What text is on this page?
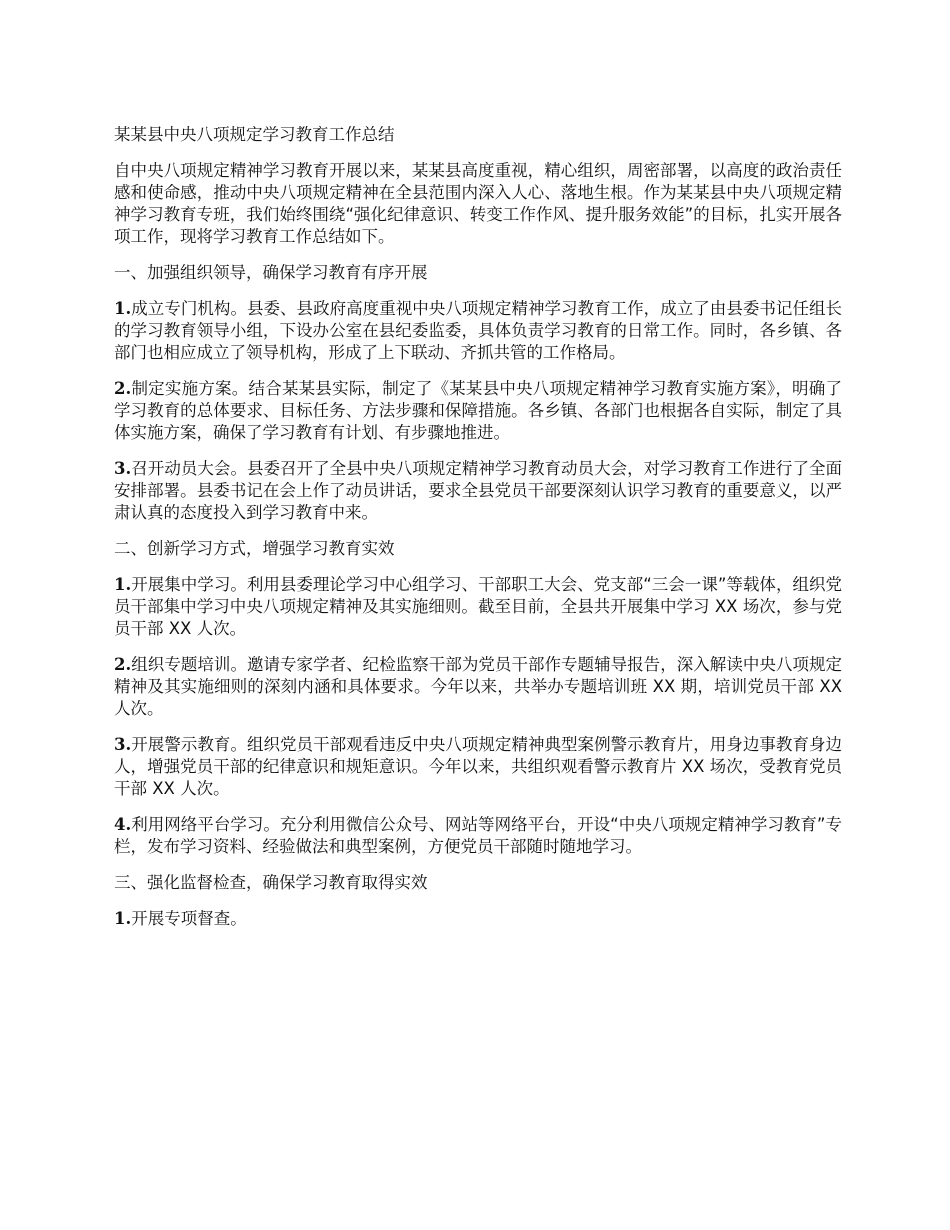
某某县中央八项规定学习教育工作总结

自中央八项规定精神学习教育开展以来，某某县高度重视，精心组织，周密部署，以高度的政治责任感和使命感，推动中央八项规定精神在全县范围内深入人心、落地生根。作为某某县中央八项规定精神学习教育专班，我们始终围绕“强化纪律意识、转变工作作风、提升服务效能”的目标，扎实开展各项工作，现将学习教育工作总结如下。

一、加强组织领导，确保学习教育有序开展

1.成立专门机构。县委、县政府高度重视中央八项规定精神学习教育工作，成立了由县委书记任组长的学习教育领导小组，下设办公室在县纪委监委，具体负责学习教育的日常工作。同时，各乡镇、各部门也相应成立了领导机构，形成了上下联动、齐抓共管的工作格局。

2.制定实施方案。结合某某县实际，制定了《某某县中央八项规定精神学习教育实施方案》，明确了学习教育的总体要求、目标任务、方法步骤和保障措施。各乡镇、各部门也根据各自实际，制定了具体实施方案，确保了学习教育有计划、有步骤地推进。

3.召开动员大会。县委召开了全县中央八项规定精神学习教育动员大会，对学习教育工作进行了全面安排部署。县委书记在会上作了动员讲话，要求全县党员干部要深刻认识学习教育的重要意义，以严肃认真的态度投入到学习教育中来。

二、创新学习方式，增强学习教育实效

1.开展集中学习。利用县委理论学习中心组学习、干部职工大会、党支部“三会一课”等载体，组织党员干部集中学习中央八项规定精神及其实施细则。截至目前，全县共开展集中学习 XX 场次，参与党员干部 XX 人次。

2.组织专题培训。邀请专家学者、纪检监察干部为党员干部作专题辅导报告，深入解读中央八项规定精神及其实施细则的深刻内涵和具体要求。今年以来，共举办专题培训班 XX 期，培训党员干部 XX 人次。

3.开展警示教育。组织党员干部观看违反中央八项规定精神典型案例警示教育片，用身边事教育身边人，增强党员干部的纪律意识和规矩意识。今年以来，共组织观看警示教育片 XX 场次，受教育党员干部 XX 人次。

4.利用网络平台学习。充分利用微信公众号、网站等网络平台，开设“中央八项规定精神学习教育”专栏，发布学习资料、经验做法和典型案例，方便党员干部随时随地学习。

三、强化监督检查，确保学习教育取得实效

1.开展专项督查。
